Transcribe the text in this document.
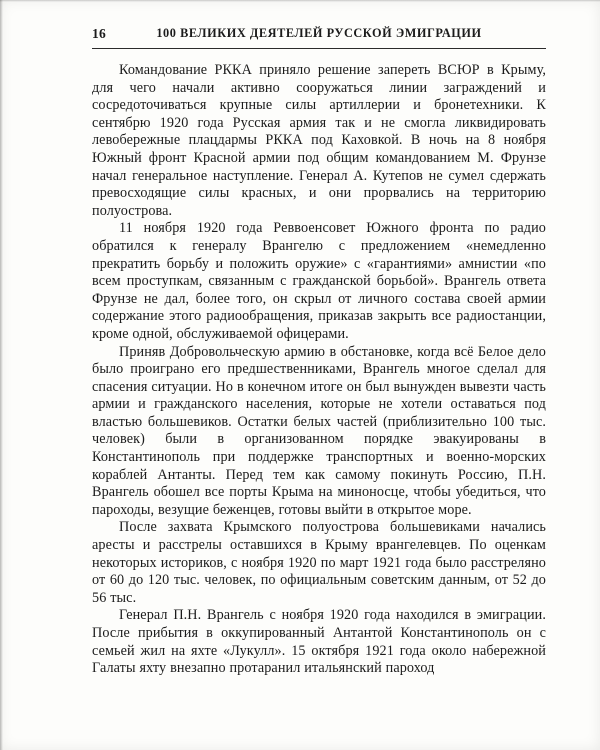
16	100 ВЕЛИКИХ ДЕЯТЕЛЕЙ РУССКОЙ ЭМИГРАЦИИ

Командование РККА приняло решение запереть ВСЮР в Крыму, для чего начали активно сооружаться линии заграждений и сосредоточиваться крупные силы артиллерии и бронетехники. К сентябрю 1920 года Русская армия так и не смогла ликвидировать левобережные плацдармы РККА под Каховкой. В ночь на 8 ноября Южный фронт Красной армии под общим командованием М. Фрунзе начал генеральное наступление. Генерал А. Кутепов не сумел сдержать превосходящие силы красных, и они прорвались на территорию полуострова.

11 ноября 1920 года Реввоенсовет Южного фронта по радио обратился к генералу Врангелю с предложением «немедленно прекратить борьбу и положить оружие» с «гарантиями» амнистии «по всем проступкам, связанным с гражданской борьбой». Врангель ответа Фрунзе не дал, более того, он скрыл от личного состава своей армии содержание этого радиообращения, приказав закрыть все радиостанции, кроме одной, обслуживаемой офицерами.

Приняв Добровольческую армию в обстановке, когда всё Белое дело было проиграно его предшественниками, Врангель многое сделал для спасения ситуации. Но в конечном итоге он был вынужден вывезти часть армии и гражданского населения, которые не хотели оставаться под властью большевиков. Остатки белых частей (приблизительно 100 тыс. человек) были в организованном порядке эвакуированы в Константинополь при поддержке транспортных и военно-морских кораблей Антанты. Перед тем как самому покинуть Россию, П.Н. Врангель обошел все порты Крыма на миноносце, чтобы убедиться, что пароходы, везущие беженцев, готовы выйти в открытое море.

После захвата Крымского полуострова большевиками начались аресты и расстрелы оставшихся в Крыму врангелевцев. По оценкам некоторых историков, с ноября 1920 по март 1921 года было расстреляно от 60 до 120 тыс. человек, по официальным советским данным, от 52 до 56 тыс.

Генерал П.Н. Врангель с ноября 1920 года находился в эмиграции. После прибытия в оккупированный Антантой Константинополь он с семьей жил на яхте «Лукулл». 15 октября 1921 года около набережной Галаты яхту внезапно протаранил итальянский пароход
